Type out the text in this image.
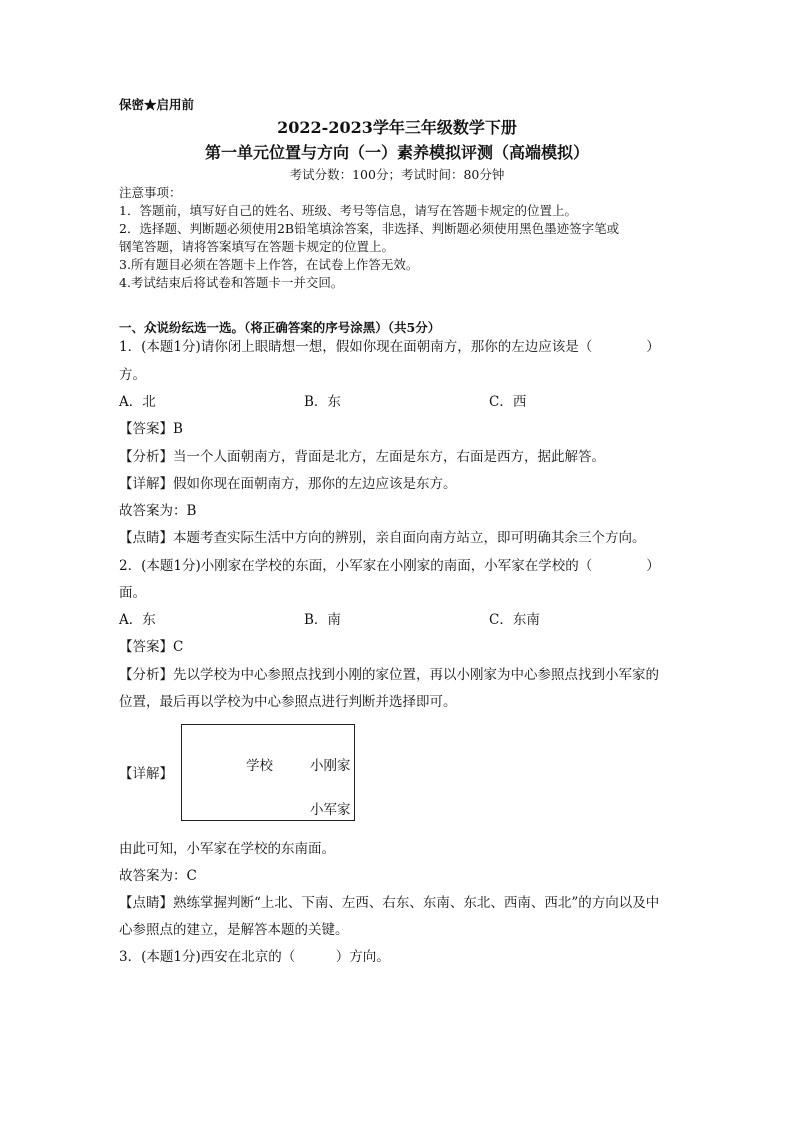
保密★启用前
2022-2023学年三年级数学下册
第一单元位置与方向（一）素养模拟评测（高端模拟）
考试分数：100分；考试时间：80分钟
注意事项：
1．答题前，填写好自己的姓名、班级、考号等信息，请写在答题卡规定的位置上。
2．选择题、判断题必须使用2B铅笔填涂答案，非选择、判断题必须使用黑色墨迹签字笔或
钢笔答题，请将答案填写在答题卡规定的位置上。
3.所有题目必须在答题卡上作答，在试卷上作答无效。
4.考试结束后将试卷和答题卡一并交回。
一、众说纷纭选一选。（将正确答案的序号涂黑）（共5分）
1．(本题1分)请你闭上眼睛想一想，假如你现在面朝南方，那你的左边应该是（　　　　）
方。
A．北	B．东	C．西
【答案】B
【分析】当一个人面朝南方，背面是北方，左面是东方，右面是西方，据此解答。
【详解】假如你现在面朝南方，那你的左边应该是东方。
故答案为：B
【点睛】本题考查实际生活中方向的辨别，亲自面向南方站立，即可明确其余三个方向。
2．(本题1分)小刚家在学校的东面，小军家在小刚家的南面，小军家在学校的（　　　　）
面。
A．东	B．南	C．东南
【答案】C
【分析】先以学校为中心参照点找到小刚的家位置，再以小刚家为中心参照点找到小军家的
位置，最后再以学校为中心参照点进行判断并选择即可。
【详解】	学校	小刚家
小军家
由此可知，小军家在学校的东南面。
故答案为：C
【点睛】熟练掌握判断“上北、下南、左西、右东、东南、东北、西南、西北”的方向以及中
心参照点的建立，是解答本题的关键。
3．(本题1分)西安在北京的（　　　）方向。
